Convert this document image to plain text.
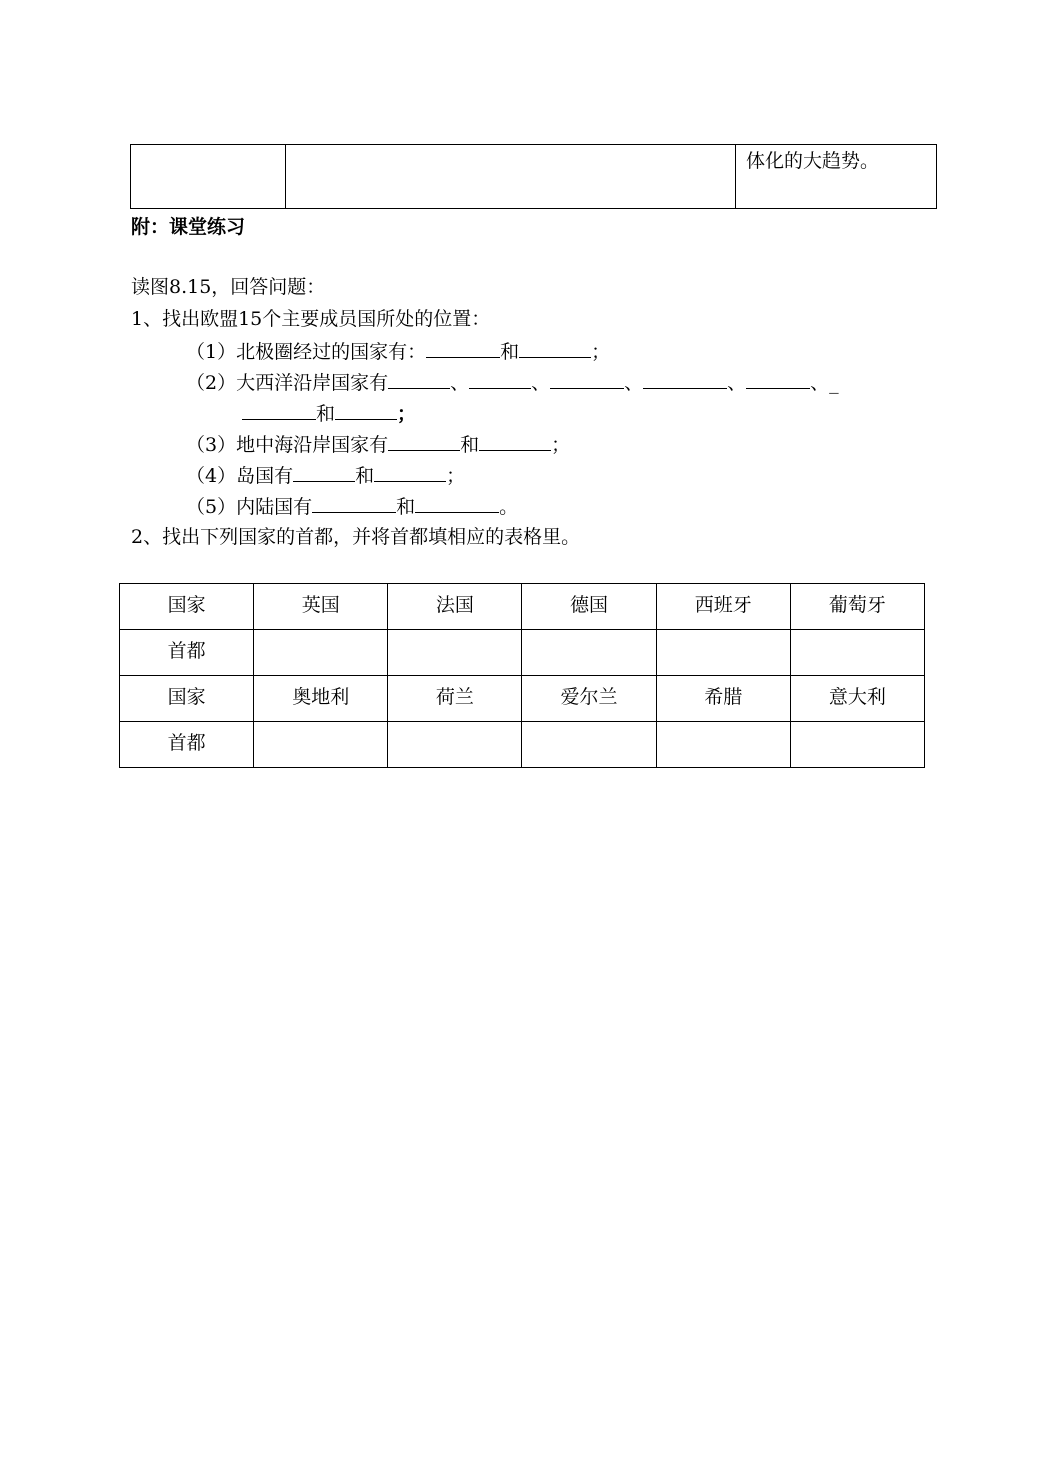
		体化的大趋势。
附：课堂练习
读图8.15，回答问题：
1、找出欧盟15个主要成员国所处的位置：
（1）北极圈经过的国家有：	和	；
（2）大西洋沿岸国家有	、	、	、	、	、_
和	；
（3）地中海沿岸国家有	和	；
（4）岛国有	和	；
（5）内陆国有	和	。
2、找出下列国家的首都，并将首都填相应的表格里。
国家	英国	法国	德国	西班牙	葡萄牙
首都					
国家	奥地利	荷兰	爱尔兰	希腊	意大利
首都					
